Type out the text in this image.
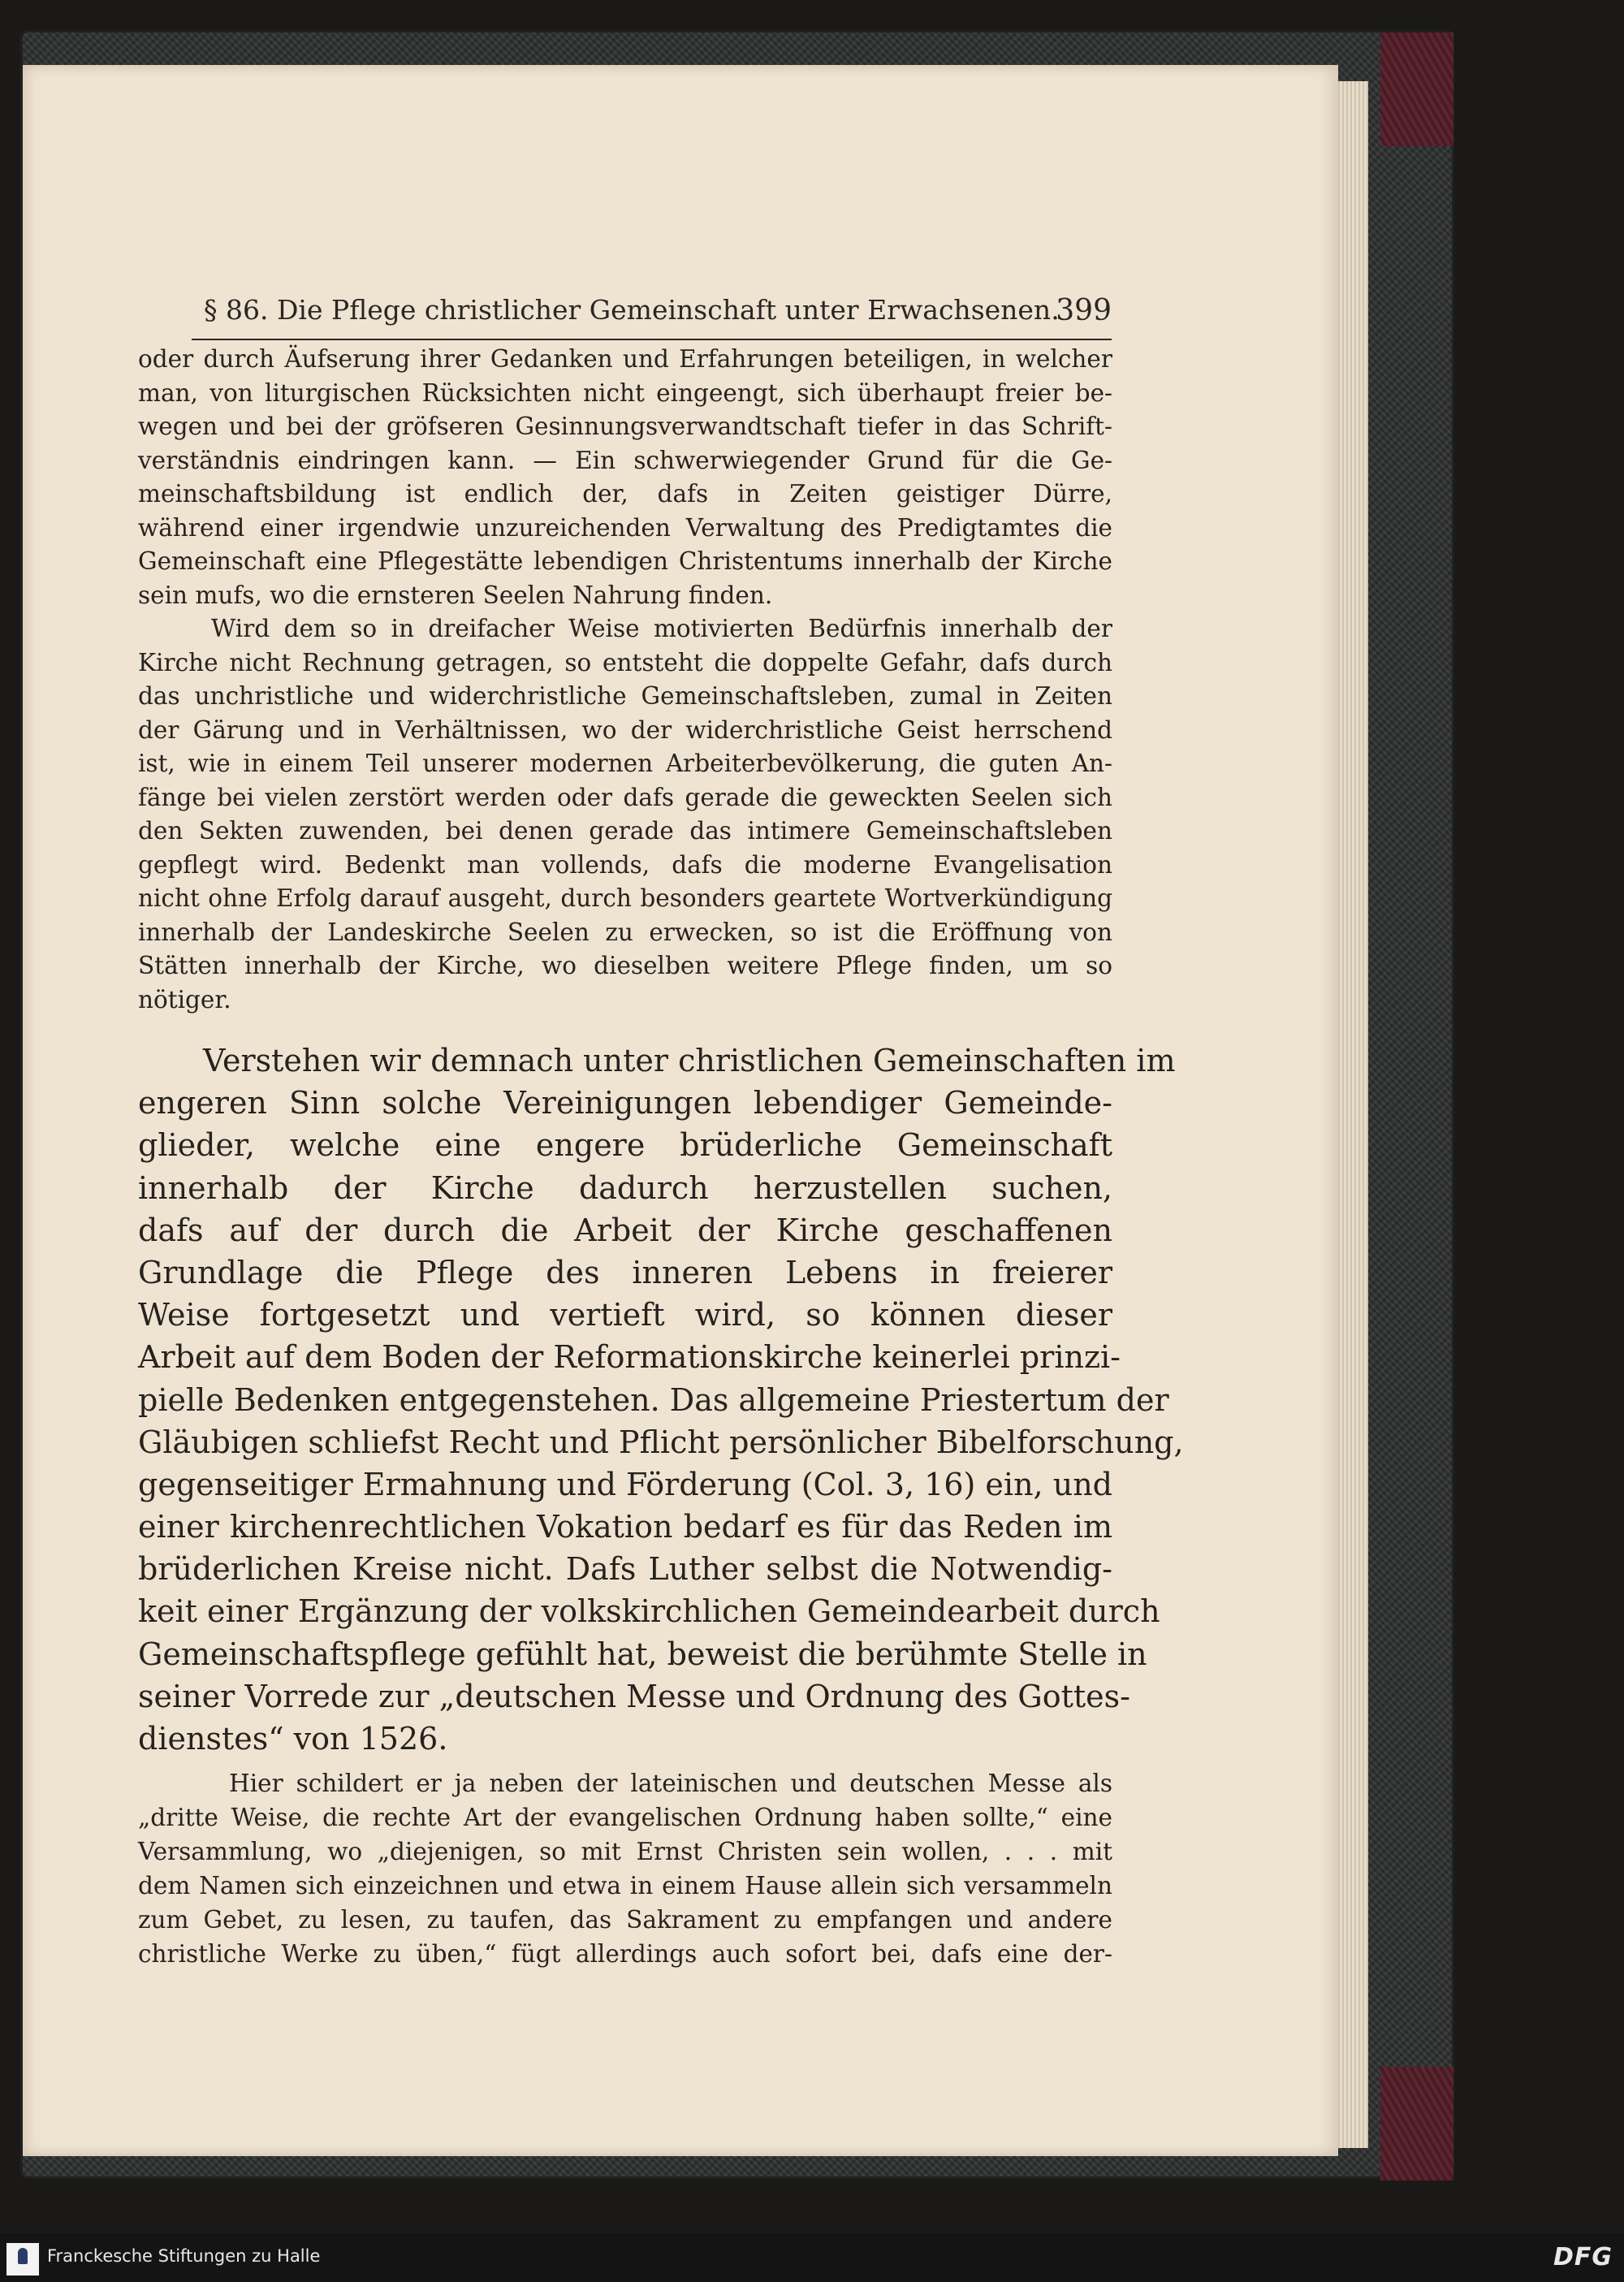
§ 86. Die Pflege christlicher Gemeinschaft unter Erwachsenen.
399
oder durch Äufserung ihrer Gedanken und Erfahrungen beteiligen, in welcher
man, von liturgischen Rücksichten nicht eingeengt, sich überhaupt freier be-
wegen und bei der gröfseren Gesinnungsverwandtschaft tiefer in das Schrift-
verständnis eindringen kann. — Ein schwerwiegender Grund für die Ge-
meinschaftsbildung ist endlich der, dafs in Zeiten geistiger Dürre,
während einer irgendwie unzureichenden Verwaltung des Predigtamtes die
Gemeinschaft eine Pflegestätte lebendigen Christentums innerhalb der Kirche
sein mufs, wo die ernsteren Seelen Nahrung finden.
Wird dem so in dreifacher Weise motivierten Bedürfnis innerhalb der
Kirche nicht Rechnung getragen, so entsteht die doppelte Gefahr, dafs durch
das unchristliche und widerchristliche Gemeinschaftsleben, zumal in Zeiten
der Gärung und in Verhältnissen, wo der widerchristliche Geist herrschend
ist, wie in einem Teil unserer modernen Arbeiterbevölkerung, die guten An-
fänge bei vielen zerstört werden oder dafs gerade die geweckten Seelen sich
den Sekten zuwenden, bei denen gerade das intimere Gemeinschaftsleben
gepflegt wird. Bedenkt man vollends, dafs die moderne Evangelisation
nicht ohne Erfolg darauf ausgeht, durch besonders geartete Wortverkündigung
innerhalb der Landeskirche Seelen zu erwecken, so ist die Eröffnung von
Stätten innerhalb der Kirche, wo dieselben weitere Pflege finden, um so
nötiger.
Verstehen wir demnach unter christlichen Gemeinschaften im
engeren Sinn solche Vereinigungen lebendiger Gemeinde-
glieder, welche eine engere brüderliche Gemeinschaft
innerhalb der Kirche dadurch herzustellen suchen,
dafs auf der durch die Arbeit der Kirche geschaffenen
Grundlage die Pflege des inneren Lebens in freierer
Weise fortgesetzt und vertieft wird, so können dieser
Arbeit auf dem Boden der Reformationskirche keinerlei prinzi-
pielle Bedenken entgegenstehen. Das allgemeine Priestertum der
Gläubigen schliefst Recht und Pflicht persönlicher Bibelforschung,
gegenseitiger Ermahnung und Förderung (Col. 3, 16) ein, und
einer kirchenrechtlichen Vokation bedarf es für das Reden im
brüderlichen Kreise nicht. Dafs Luther selbst die Notwendig-
keit einer Ergänzung der volkskirchlichen Gemeindearbeit durch
Gemeinschaftspflege gefühlt hat, beweist die berühmte Stelle in
seiner Vorrede zur „deutschen Messe und Ordnung des Gottes-
dienstes“ von 1526.
Hier schildert er ja neben der lateinischen und deutschen Messe als
„dritte Weise, die rechte Art der evangelischen Ordnung haben sollte,“ eine
Versammlung, wo „diejenigen, so mit Ernst Christen sein wollen, . . . mit
dem Namen sich einzeichnen und etwa in einem Hause allein sich versammeln
zum Gebet, zu lesen, zu taufen, das Sakrament zu empfangen und andere
christliche Werke zu üben,“ fügt allerdings auch sofort bei, dafs eine der-
Franckesche Stiftungen zu Halle	DFG
